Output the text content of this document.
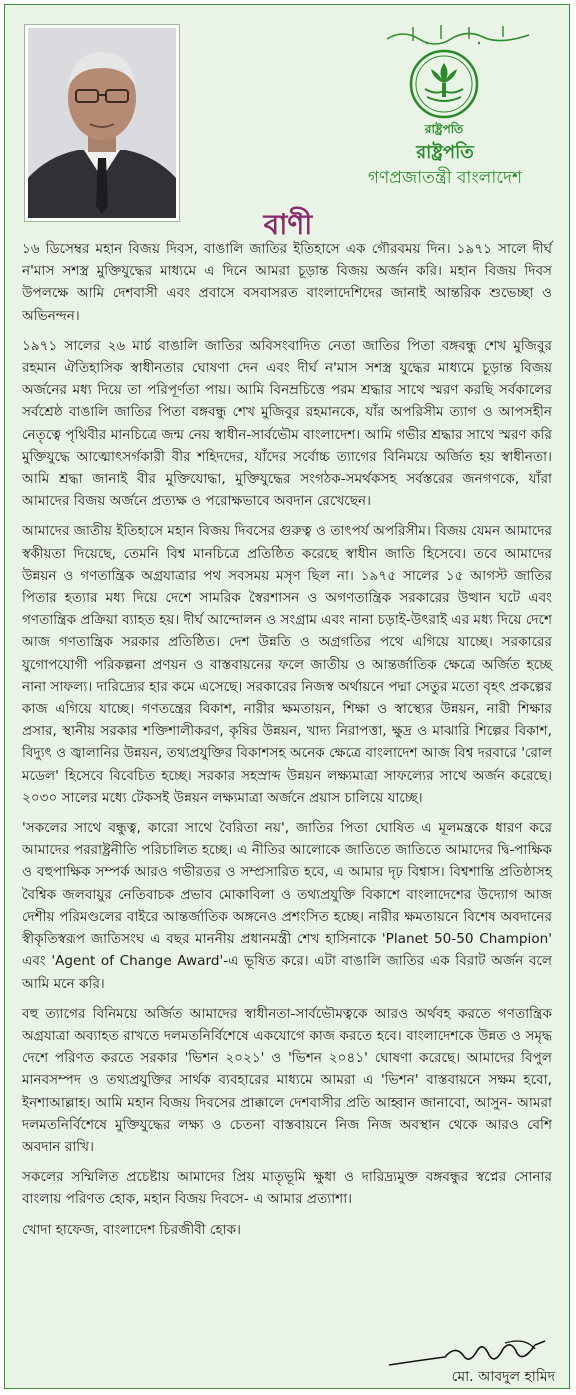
রাষ্ট্রপতি
রাষ্ট্রপতি
গণপ্রজাতন্ত্রী বাংলাদেশ
বাণী

১৬ ডিসেম্বর মহান বিজয় দিবস, বাঙালি জাতির ইতিহাসে এক গৌরবময় দিন। ১৯৭১ সালে দীর্ঘ ন'মাস সশস্ত্র মুক্তিযুদ্ধের মাধ্যমে এ দিনে আমরা চূড়ান্ত বিজয় অর্জন করি। মহান বিজয় দিবস উপলক্ষে আমি দেশবাসী এবং প্রবাসে বসবাসরত বাংলাদেশিদের জানাই আন্তরিক শুভেচ্ছা ও অভিনন্দন।

১৯৭১ সালের ২৬ মার্চ বাঙালি জাতির অবিসংবাদিত নেতা জাতির পিতা বঙ্গবন্ধু শেখ মুজিবুর রহমান ঐতিহাসিক স্বাধীনতার ঘোষণা দেন এবং দীর্ঘ ন'মাস সশস্ত্র যুদ্ধের মাধ্যমে চূড়ান্ত বিজয় অর্জনের মধ্য দিয়ে তা পরিপূর্ণতা পায়। আমি বিনম্রচিত্তে পরম শ্রদ্ধার সাথে স্মরণ করছি সর্বকালের সর্বশ্রেষ্ঠ বাঙালি জাতির পিতা বঙ্গবন্ধু শেখ মুজিবুর রহমানকে, যাঁর অপরিসীম ত্যাগ ও আপসহীন নেতৃত্বে পৃথিবীর মানচিত্রে জন্ম নেয় স্বাধীন-সার্বভৌম বাংলাদেশ। আমি গভীর শ্রদ্ধার সাথে স্মরণ করি মুক্তিযুদ্ধে আত্মোৎসর্গকারী বীর শহিদদের, যাঁদের সর্বোচ্চ ত্যাগের বিনিময়ে অর্জিত হয় স্বাধীনতা। আমি শ্রদ্ধা জানাই বীর মুক্তিযোদ্ধা, মুক্তিযুদ্ধের সংগঠক-সমর্থকসহ সর্বস্তরের জনগণকে, যাঁরা আমাদের বিজয় অর্জনে প্রত্যক্ষ ও পরোক্ষভাবে অবদান রেখেছেন।

আমাদের জাতীয় ইতিহাসে মহান বিজয় দিবসের গুরুত্ব ও তাৎপর্য অপরিসীম। বিজয় যেমন আমাদের স্বকীয়তা দিয়েছে, তেমনি বিশ্ব মানচিত্রে প্রতিষ্ঠিত করেছে স্বাধীন জাতি হিসেবে। তবে আমাদের উন্নয়ন ও গণতান্ত্রিক অগ্রযাত্রার পথ সবসময় মসৃণ ছিল না। ১৯৭৫ সালের ১৫ আগস্ট জাতির পিতার হত্যার মধ্য দিয়ে দেশে সামরিক স্বৈরশাসন ও অগণতান্ত্রিক সরকারের উত্থান ঘটে এবং গণতান্ত্রিক প্রক্রিয়া ব্যাহত হয়। দীর্ঘ আন্দোলন ও সংগ্রাম এবং নানা চড়াই-উৎরাই এর মধ্য দিয়ে দেশে আজ গণতান্ত্রিক সরকার প্রতিষ্ঠিত। দেশ উন্নতি ও অগ্রগতির পথে এগিয়ে যাচ্ছে। সরকারের যুগোপযোগী পরিকল্পনা প্রণয়ন ও বাস্তবায়নের ফলে জাতীয় ও আন্তর্জাতিক ক্ষেত্রে অর্জিত হচ্ছে নানা সাফল্য। দারিদ্র্যের হার কমে এসেছে। সরকারের নিজস্ব অর্থায়নে পদ্মা সেতুর মতো বৃহৎ প্রকল্পের কাজ এগিয়ে যাচ্ছে। গণতন্ত্রের বিকাশ, নারীর ক্ষমতায়ন, শিক্ষা ও স্বাস্থ্যের উন্নয়ন, নারী শিক্ষার প্রসার, স্থানীয় সরকার শক্তিশালীকরণ, কৃষির উন্নয়ন, খাদ্য নিরাপত্তা, ক্ষুদ্র ও মাঝারি শিল্পের বিকাশ, বিদ্যুৎ ও জ্বালানির উন্নয়ন, তথ্যপ্রযুক্তির বিকাশসহ অনেক ক্ষেত্রে বাংলাদেশ আজ বিশ্ব দরবারে 'রোল মডেল' হিসেবে বিবেচিত হচ্ছে। সরকার সহস্রাব্দ উন্নয়ন লক্ষ্যমাত্রা সাফল্যের সাথে অর্জন করেছে। ২০৩০ সালের মধ্যে টেকসই উন্নয়ন লক্ষ্যমাত্রা অর্জনে প্রয়াস চালিয়ে যাচ্ছে।

'সকলের সাথে বন্ধুত্ব, কারো সাথে বৈরিতা নয়', জাতির পিতা ঘোষিত এ মূলমন্ত্রকে ধারণ করে আমাদের পররাষ্ট্রনীতি পরিচালিত হচ্ছে। এ নীতির আলোকে জাতিতে জাতিতে আমাদের দ্বি-পাক্ষিক ও বহুপাক্ষিক সম্পর্ক আরও গভীরতর ও সম্প্রসারিত হবে, এ আমার দৃঢ় বিশ্বাস। বিশ্বশান্তি প্রতিষ্ঠাসহ বৈশ্বিক জলবায়ুর নেতিবাচক প্রভাব মোকাবিলা ও তথ্যপ্রযুক্তি বিকাশে বাংলাদেশের উদ্যোগ আজ দেশীয় পরিমণ্ডলের বাইরে আন্তর্জাতিক অঙ্গনেও প্রশংসিত হচ্ছে। নারীর ক্ষমতায়নে বিশেষ অবদানের স্বীকৃতিস্বরূপ জাতিসংঘ এ বছর মাননীয় প্রধানমন্ত্রী শেখ হাসিনাকে 'Planet 50-50 Champion' এবং 'Agent of Change Award'-এ ভূষিত করে। এটা বাঙালি জাতির এক বিরাট অর্জন বলে আমি মনে করি।

বহু ত্যাগের বিনিময়ে অর্জিত আমাদের স্বাধীনতা-সার্বভৌমত্বকে আরও অর্থবহ করতে গণতান্ত্রিক অগ্রযাত্রা অব্যাহত রাখতে দলমতনির্বিশেষে একযোগে কাজ করতে হবে। বাংলাদেশকে উন্নত ও সমৃদ্ধ দেশে পরিণত করতে সরকার 'ভিশন ২০২১' ও 'ভিশন ২০৪১' ঘোষণা করেছে। আমাদের বিপুল মানবসম্পদ ও তথ্যপ্রযুক্তির সার্থক ব্যবহারের মাধ্যমে আমরা এ 'ভিশন' বাস্তবায়নে সক্ষম হবো, ইনশাআল্লাহ। আমি মহান বিজয় দিবসের প্রাক্কালে দেশবাসীর প্রতি আহ্বান জানাবো, আসুন- আমরা দলমতনির্বিশেষে মুক্তিযুদ্ধের লক্ষ্য ও চেতনা বাস্তবায়নে নিজ নিজ অবস্থান থেকে আরও বেশি অবদান রাখি।

সকলের সম্মিলিত প্রচেষ্টায় আমাদের প্রিয় মাতৃভূমি ক্ষুধা ও দারিদ্র্যমুক্ত বঙ্গবন্ধুর স্বপ্নের সোনার বাংলায় পরিণত হোক, মহান বিজয় দিবসে- এ আমার প্রত্যাশা।

খোদা হাফেজ, বাংলাদেশ চিরজীবী হোক।

মো. আবদুল হামিদ
